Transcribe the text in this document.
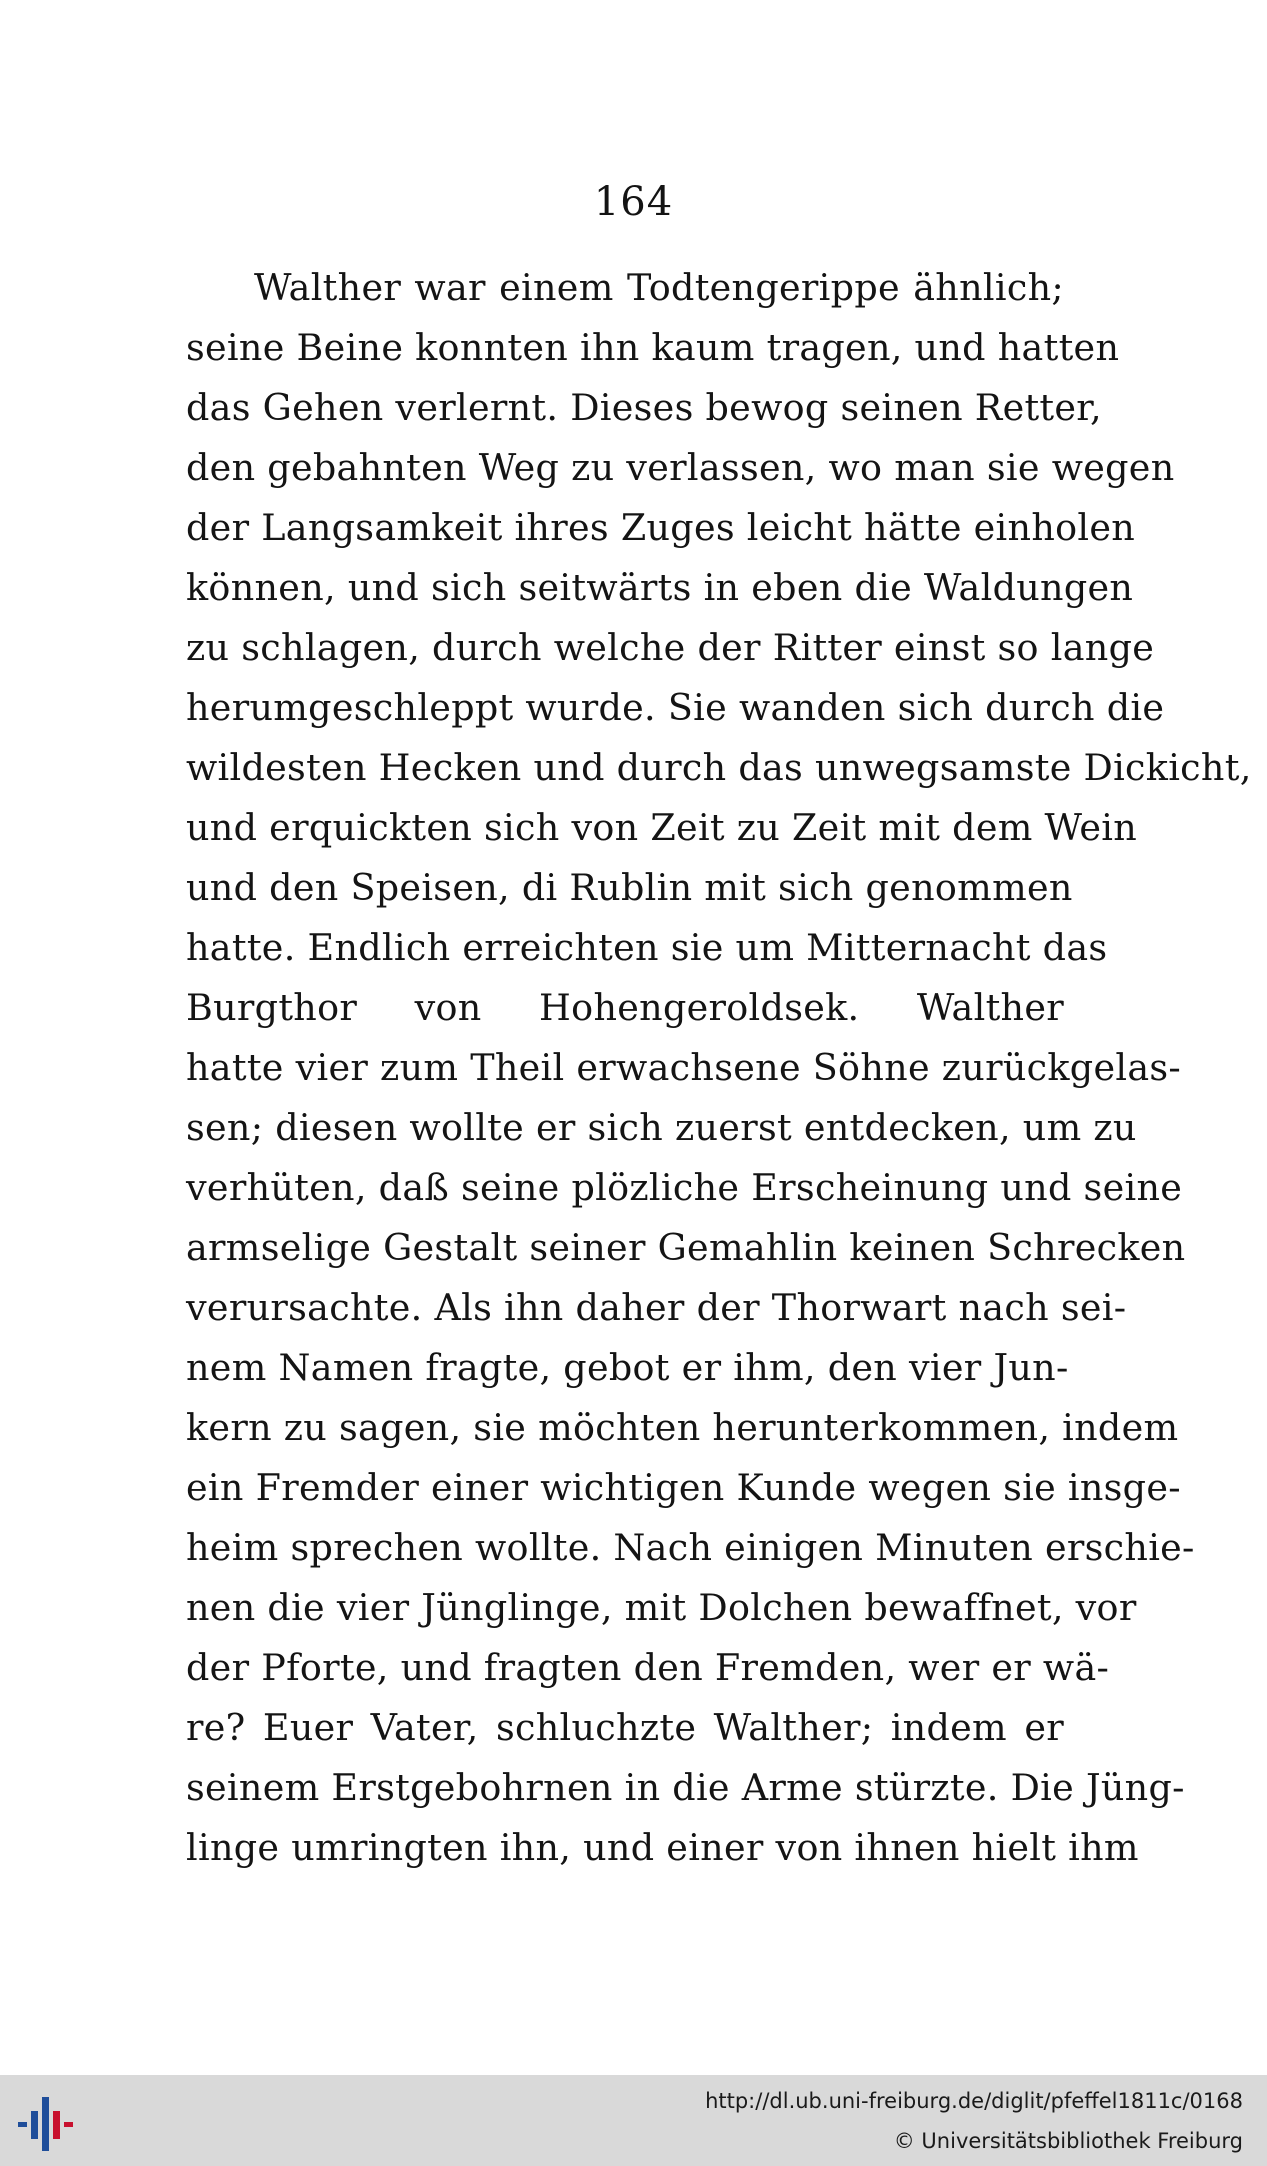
164
Walther war einem Todtengerippe ähnlich;
seine Beine konnten ihn kaum tragen, und hatten
das Gehen verlernt. Dieses bewog seinen Retter,
den gebahnten Weg zu verlassen, wo man sie wegen
der Langsamkeit ihres Zuges leicht hätte einholen
können, und sich seitwärts in eben die Waldungen
zu schlagen, durch welche der Ritter einst so lange
herumgeschleppt wurde. Sie wanden sich durch die
wildesten Hecken und durch das unwegsamste Dickicht,
und erquickten sich von Zeit zu Zeit mit dem Wein
und den Speisen, di Rublin mit sich genommen
hatte. Endlich erreichten sie um Mitternacht das
Burgthor von Hohengeroldsek. Walther
hatte vier zum Theil erwachsene Söhne zurückgelas-
sen; diesen wollte er sich zuerst entdecken, um zu
verhüten, daß seine plözliche Erscheinung und seine
armselige Gestalt seiner Gemahlin keinen Schrecken
verursachte. Als ihn daher der Thorwart nach sei-
nem Namen fragte, gebot er ihm, den vier Jun-
kern zu sagen, sie möchten herunterkommen, indem
ein Fremder einer wichtigen Kunde wegen sie insge-
heim sprechen wollte. Nach einigen Minuten erschie-
nen die vier Jünglinge, mit Dolchen bewaffnet, vor
der Pforte, und fragten den Fremden, wer er wä-
re? Euer Vater, schluchzte Walther; indem er
seinem Erstgebohrnen in die Arme stürzte. Die Jüng-
linge umringten ihn, und einer von ihnen hielt ihm
http://dl.ub.uni-freiburg.de/diglit/pfeffel1811c/0168
© Universitätsbibliothek Freiburg
